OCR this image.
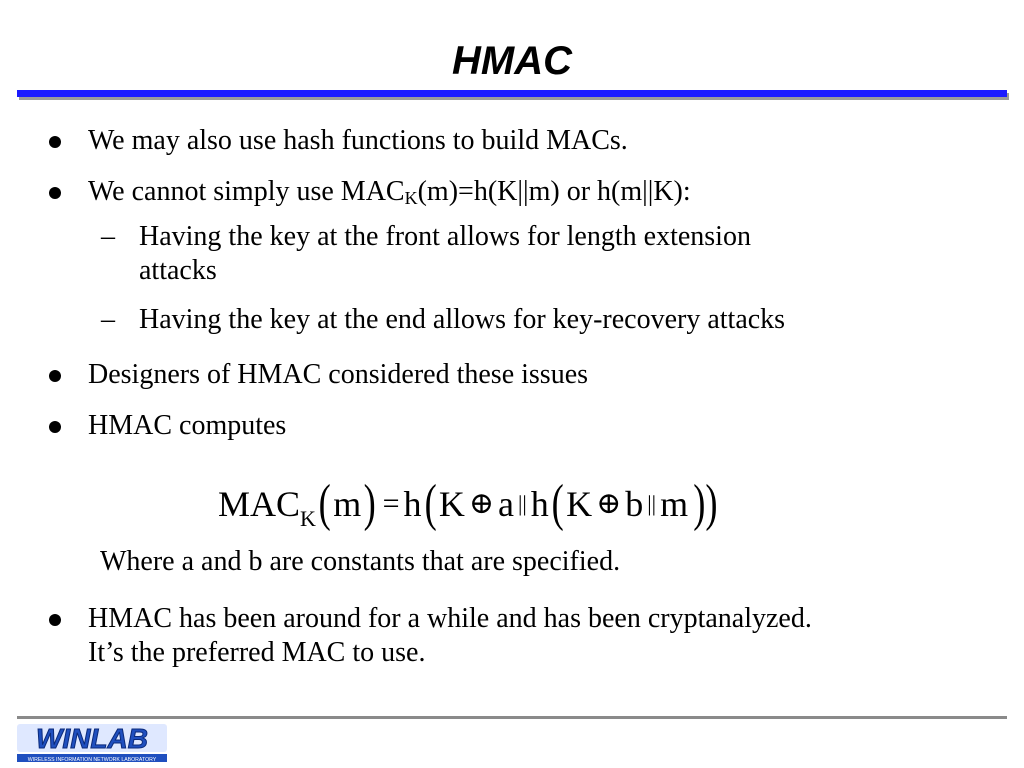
HMAC
We may also use hash functions to build MACs.
We cannot simply use $MAC_K(m)=h(K||m)$ or h(m||K):
– Having the key at the front allows for length extension
attacks
– Having the key at the end allows for key-recovery attacks
Designers of HMAC considered these issues
HMAC computes
MACK(m) = h(K ⊕ a || h(K ⊕ b || m))
Where a and b are constants that are specified.
HMAC has been around for a while and has been cryptanalyzed.
It’s the preferred MAC to use.
WINLAB
WIRELESS INFORMATION NETWORK LABORATORY
